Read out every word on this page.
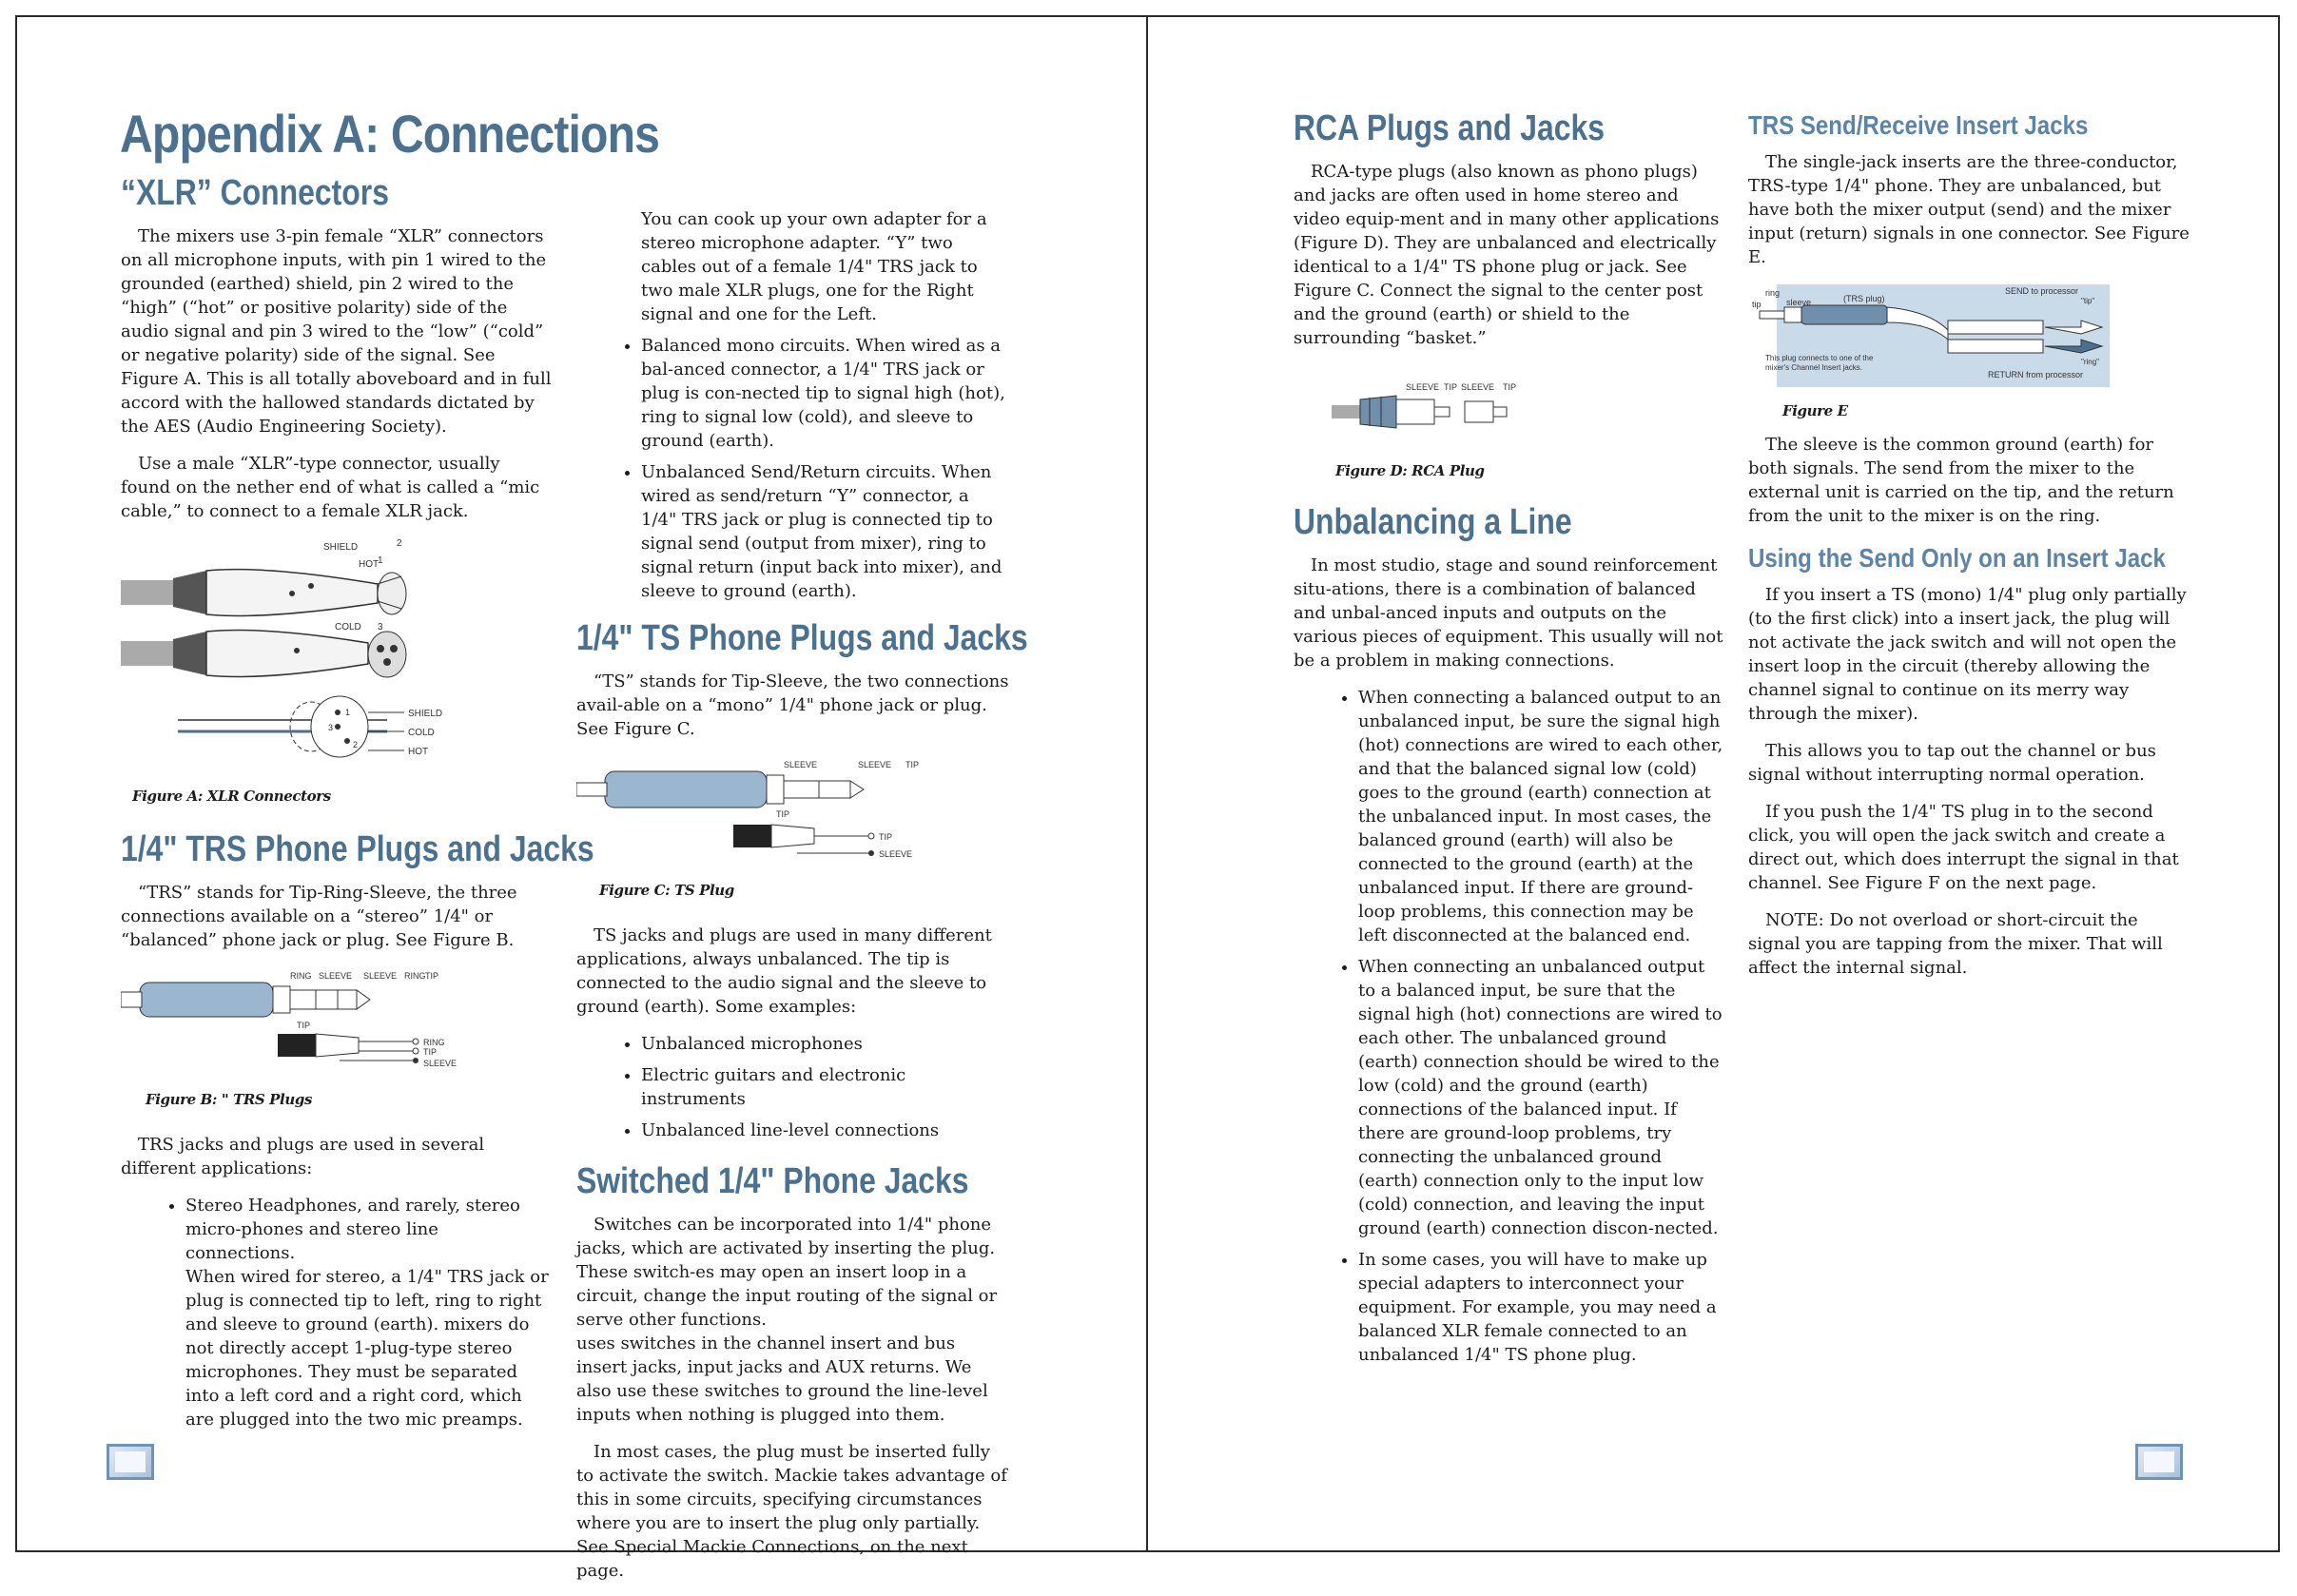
Appendix A: Connections
“XLR” Connectors

The mixers use 3-pin female “XLR” connectors on all microphone inputs, with pin 1 wired to the grounded (earthed) shield, pin 2 wired to the “high” (“hot” or positive polarity) side of the audio signal and pin 3 wired to the “low” (“cold” or negative polarity) side of the signal. See Figure A. This is all totally aboveboard and in full accord with the hallowed standards dictated by the AES (Audio Engineering Society).

Use a male “XLR”-type connector, usually found on the nether end of what is called a “mic cable,” to connect to a female XLR jack.

SHIELD
HOT
COLD
1
2
3
SHIELD
COLD
HOT
1
2
3
Figure A: XLR Connectors
1/4" TRS Phone Plugs and Jacks

“TRS” stands for Tip-Ring-Sleeve, the three connections available on a “stereo” 1/4" or “balanced” phone jack or plug. See Figure B.

RING SLEEVE SLEEVE RING TIP
TIP
RING
TIP
SLEEVE
Figure B: " TRS Plugs

TRS jacks and plugs are used in several different applications:

• Stereo Headphones, and rarely, stereo micro-phones and stereo line connections.
When wired for stereo, a 1/4" TRS jack or plug is connected tip to left, ring to right and sleeve to ground (earth). mixers do not directly accept 1-plug-type stereo microphones. They must be separated into a left cord and a right cord, which are plugged into the two mic preamps.

You can cook up your own adapter for a stereo microphone adapter. “Y” two cables out of a female 1/4" TRS jack to two male XLR plugs, one for the Right signal and one for the Left.

• Balanced mono circuits. When wired as a bal-anced connector, a 1/4" TRS jack or plug is con-nected tip to signal high (hot), ring to signal low (cold), and sleeve to ground (earth).
• Unbalanced Send/Return circuits. When wired as send/return “Y” connector, a 1/4" TRS jack or plug is connected tip to signal send (output from mixer), ring to signal return (input back into mixer), and sleeve to ground (earth).
1/4" TS Phone Plugs and Jacks

“TS” stands for Tip-Sleeve, the two connections avail-able on a “mono” 1/4" phone jack or plug. See Figure C.

SLEEVE	SLEEVE TIP
TIP
TIP
SLEEVE
Figure C: TS Plug

TS jacks and plugs are used in many different applications, always unbalanced. The tip is connected to the audio signal and the sleeve to ground (earth). Some examples:

• Unbalanced microphones
• Electric guitars and electronic instruments
• Unbalanced line-level connections
Switched 1/4" Phone Jacks

Switches can be incorporated into 1/4" phone jacks, which are activated by inserting the plug. These switch-es may open an insert loop in a circuit, change the input routing of the signal or serve other functions.

uses switches in the channel insert and bus insert jacks, input jacks and AUX returns. We also use these switches to ground the line-level inputs when nothing is plugged into them.

In most cases, the plug must be inserted fully to activate the switch. Mackie takes advantage of this in some circuits, specifying circumstances where you are to insert the plug only partially. See Special Mackie Connections, on the next page.

RCA Plugs and Jacks

RCA-type plugs (also known as phono plugs) and jacks are often used in home stereo and video equip-ment and in many other applications (Figure D). They are unbalanced and electrically identical to a 1/4" TS phone plug or jack. See Figure C. Connect the signal to the center post and the ground (earth) or shield to the surrounding “basket.”

SLEEVE TIP SLEEVE TIP
Figure D: RCA Plug
Unbalancing a Line

In most studio, stage and sound reinforcement situ-ations, there is a combination of balanced and unbal-anced inputs and outputs on the various pieces of equipment. This usually will not be a problem in making connections.

• When connecting a balanced output to an unbalanced input, be sure the signal high (hot) connections are wired to each other, and that the balanced signal low (cold) goes to the ground (earth) connection at the unbalanced input. In most cases, the balanced ground (earth) will also be connected to the ground (earth) at the unbalanced input. If there are ground-loop problems, this connection may be left disconnected at the balanced end.
• When connecting an unbalanced output to a balanced input, be sure that the signal high (hot) connections are wired to each other. The unbalanced ground (earth) connection should be wired to the low (cold) and the ground (earth) connections of the balanced input. If there are ground-loop problems, try connecting the unbalanced ground (earth) connection only to the input low (cold) connection, and leaving the input ground (earth) connection discon-nected.
• In some cases, you will have to make up special adapters to interconnect your equipment. For example, you may need a balanced XLR female connected to an unbalanced 1/4" TS phone plug.
TRS Send/Receive Insert Jacks

The single-jack inserts are the three-conductor, TRS-type 1/4" phone. They are unbalanced, but have both the mixer output (send) and the mixer input (return) signals in one connector. See Figure E.

ring
tip	sleeve	(TRS plug)
SEND to processor
"tip"
This plug connects to one of the
mixer's Channel Insert jacks.
RETURN from processor
"ring"
Figure E

The sleeve is the common ground (earth) for both signals. The send from the mixer to the external unit is carried on the tip, and the return from the unit to the mixer is on the ring.

Using the Send Only on an Insert Jack

If you insert a TS (mono) 1/4" plug only partially (to the first click) into a insert jack, the plug will not activate the jack switch and will not open the insert loop in the circuit (thereby allowing the channel signal to continue on its merry way through the mixer).

This allows you to tap out the channel or bus signal without interrupting normal operation.

If you push the 1/4" TS plug in to the second click, you will open the jack switch and create a direct out, which does interrupt the signal in that channel. See Figure F on the next page.

NOTE: Do not overload or short-circuit the signal you are tapping from the mixer. That will affect the internal signal.
